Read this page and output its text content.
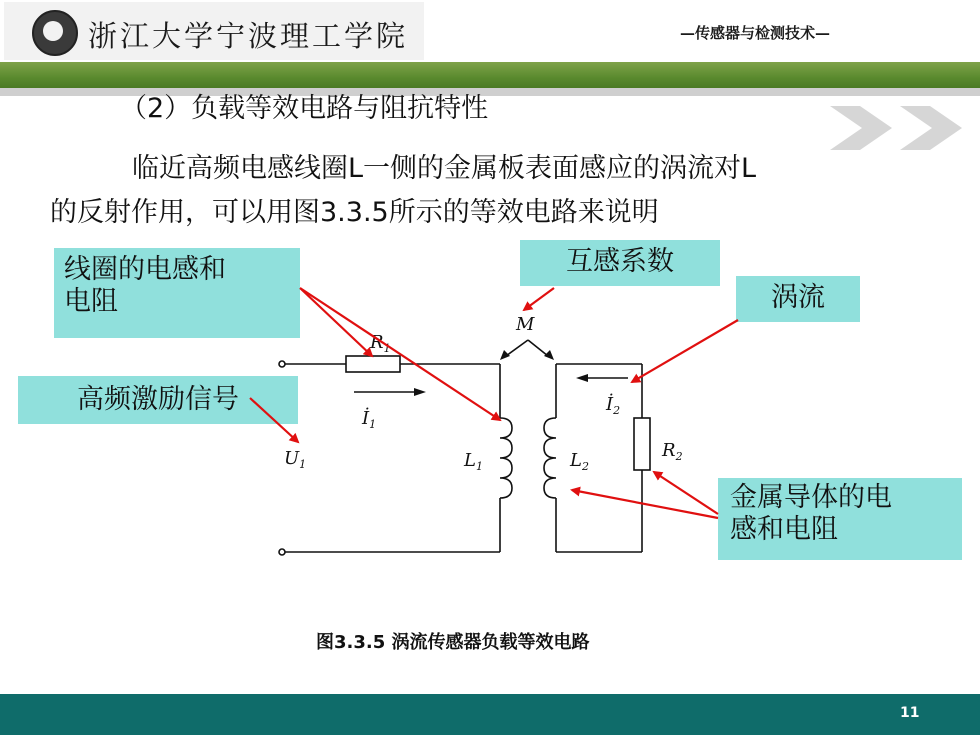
浙江大学宁波理工学院	—传感器与检测技术—
（2）负载等效电路与阻抗特性
临近高频电感线圈L一侧的金属板表面感应的涡流对L
的反射作用，可以用图3.3.5所示的等效电路来说明
$R_1$
$İ_1$
$U_1$	$L_1$	$L_2$
M
$İ_2$
$R_2$
线圈的电感和
电阻
互感系数
涡流
高频激励信号
金属导体的电
感和电阻
图3.3.5 涡流传感器负载等效电路
11
